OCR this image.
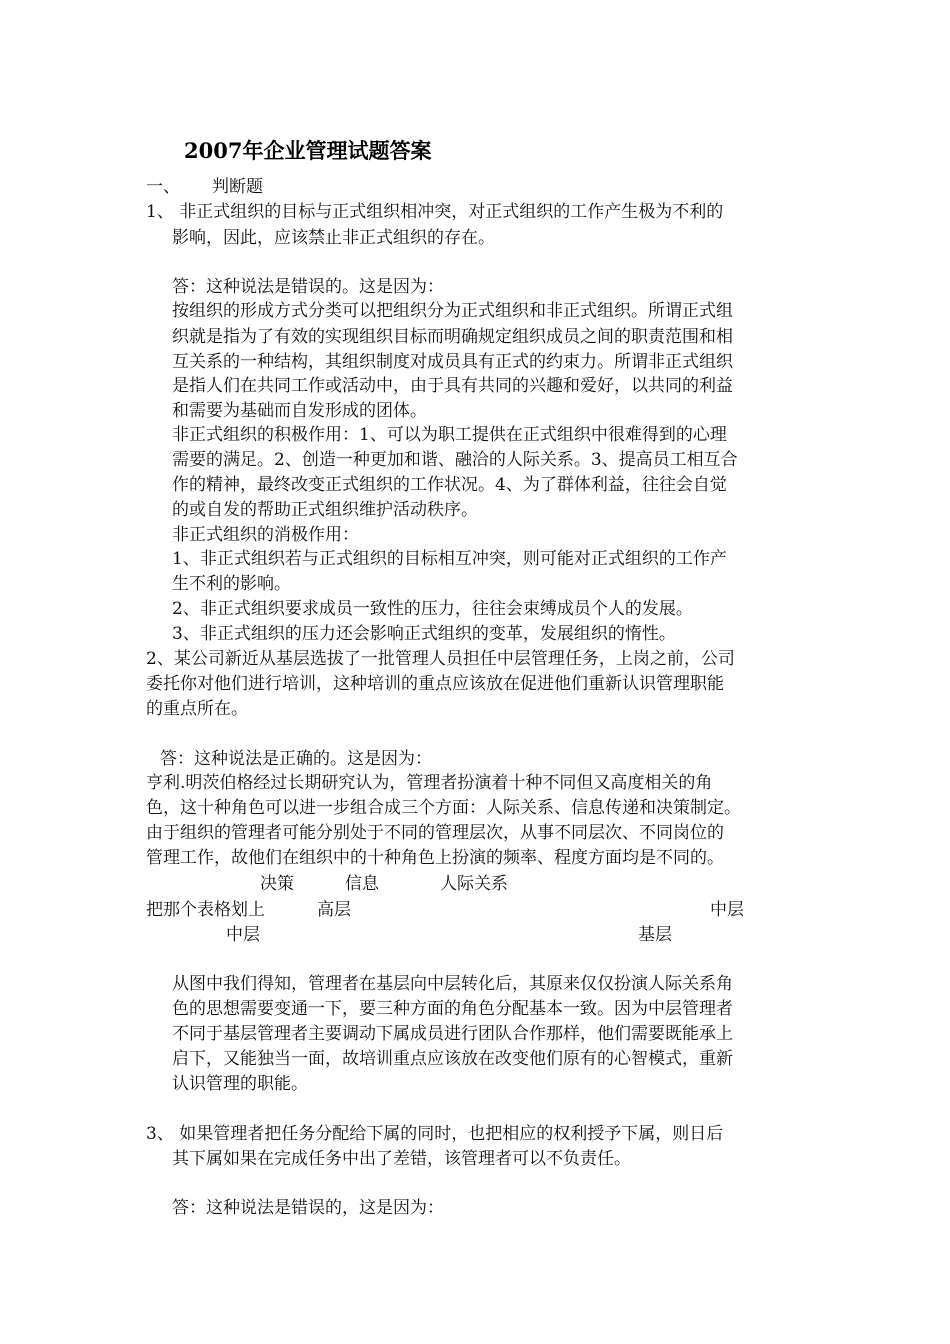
2007年企业管理试题答案
一、 判断题
1、 非正式组织的目标与正式组织相冲突，对正式组织的工作产生极为不利的
影响，因此，应该禁止非正式组织的存在。
答：这种说法是错误的。这是因为：
按组织的形成方式分类可以把组织分为正式组织和非正式组织。所谓正式组
织就是指为了有效的实现组织目标而明确规定组织成员之间的职责范围和相
互关系的一种结构，其组织制度对成员具有正式的约束力。所谓非正式组织
是指人们在共同工作或活动中，由于具有共同的兴趣和爱好，以共同的利益
和需要为基础而自发形成的团体。
非正式组织的积极作用：1、可以为职工提供在正式组织中很难得到的心理
需要的满足。2、创造一种更加和谐、融洽的人际关系。3、提高员工相互合
作的精神，最终改变正式组织的工作状况。4、为了群体利益，往往会自觉
的或自发的帮助正式组织维护活动秩序。
非正式组织的消极作用：
1、非正式组织若与正式组织的目标相互冲突，则可能对正式组织的工作产
生不利的影响。
2、非正式组织要求成员一致性的压力，往往会束缚成员个人的发展。
3、非正式组织的压力还会影响正式组织的变革，发展组织的惰性。
2、某公司新近从基层选拔了一批管理人员担任中层管理任务，上岗之前，公司
委托你对他们进行培训，这种培训的重点应该放在促进他们重新认识管理职能
的重点所在。
答：这种说法是正确的。这是因为：
亨利.明茨伯格经过长期研究认为，管理者扮演着十种不同但又高度相关的角
色，这十种角色可以进一步组合成三个方面：人际关系、信息传递和决策制定。
由于组织的管理者可能分别处于不同的管理层次，从事不同层次、不同岗位的
管理工作，故他们在组织中的十种角色上扮演的频率、程度方面均是不同的。
决策	信息	人际关系
把那个表格划上	高层	中层
中层	基层
从图中我们得知，管理者在基层向中层转化后，其原来仅仅扮演人际关系角
色的思想需要变通一下，要三种方面的角色分配基本一致。因为中层管理者
不同于基层管理者主要调动下属成员进行团队合作那样，他们需要既能承上
启下，又能独当一面，故培训重点应该放在改变他们原有的心智模式，重新
认识管理的职能。
3、 如果管理者把任务分配给下属的同时，也把相应的权利授予下属，则日后
其下属如果在完成任务中出了差错，该管理者可以不负责任。
答：这种说法是错误的，这是因为：
